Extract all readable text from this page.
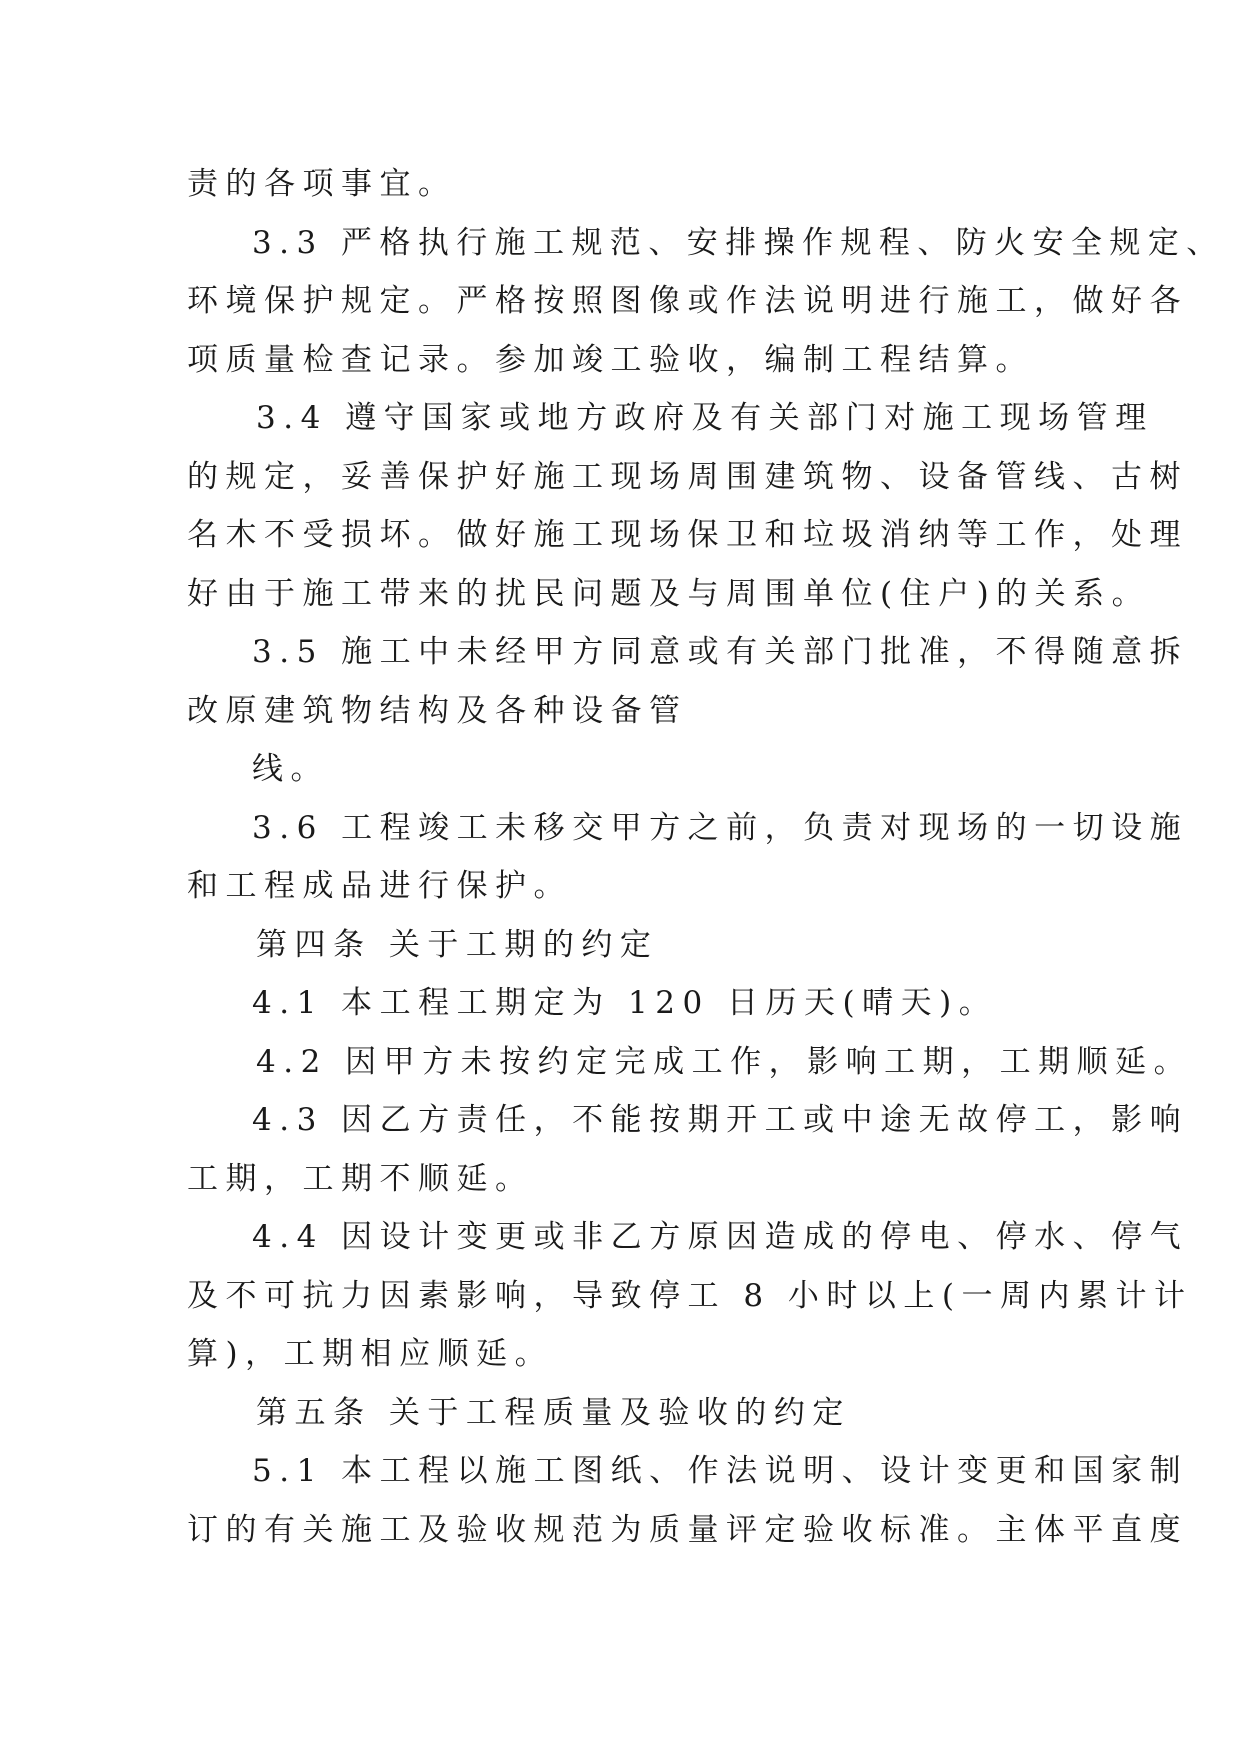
责的各项事宜。
3.3 严格执行施工规范、安排操作规程、防火安全规定、
环境保护规定。严格按照图像或作法说明进行施工，做好各
项质量检查记录。参加竣工验收，编制工程结算。
3.4 遵守国家或地方政府及有关部门对施工现场管理
的规定，妥善保护好施工现场周围建筑物、设备管线、古树
名木不受损坏。做好施工现场保卫和垃圾消纳等工作，处理
好由于施工带来的扰民问题及与周围单位(住户)的关系。
3.5 施工中未经甲方同意或有关部门批准，不得随意拆
改原建筑物结构及各种设备管
线。
3.6 工程竣工未移交甲方之前，负责对现场的一切设施
和工程成品进行保护。
第四条 关于工期的约定
4.1 本工程工期定为 120 日历天(晴天)。
4.2 因甲方未按约定完成工作，影响工期，工期顺延。
4.3 因乙方责任，不能按期开工或中途无故停工，影响
工期，工期不顺延。
4.4 因设计变更或非乙方原因造成的停电、停水、停气
及不可抗力因素影响，导致停工 8 小时以上(一周内累计计
算)，工期相应顺延。
第五条 关于工程质量及验收的约定
5.1 本工程以施工图纸、作法说明、设计变更和国家制
订的有关施工及验收规范为质量评定验收标准。主体平直度
